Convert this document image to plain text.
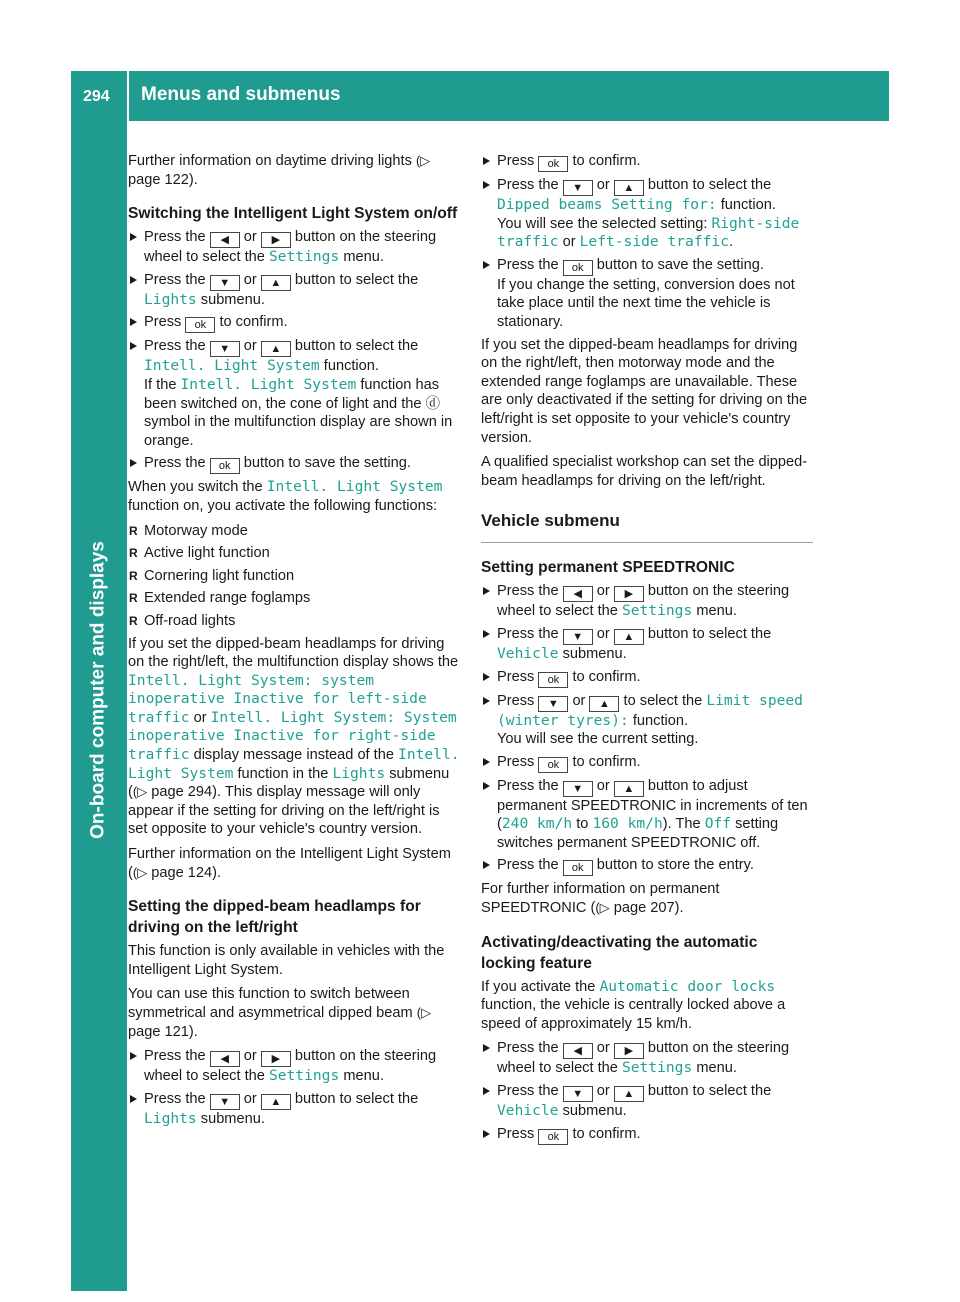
294 Menus and submenus
On-board computer and displays

Further information on daytime driving lights (▷ page 122).

Switching the Intelligent Light System on/off
Press the ◀ or ▶ button on the steering wheel to select the Settings menu.
Press the ▼ or ▲ button to select the Lights submenu.
Press ok to confirm.
Press the ▼ or ▲ button to select the Intell. Light System function.
If the Intell. Light System function has been switched on, the cone of light and the ⓓ symbol in the multifunction display are shown in orange.
Press the ok button to save the setting.

When you switch the Intell. Light System function on, you activate the following functions:

R Motorway mode
R Active light function
R Cornering light function
R Extended range foglamps
R Off-road lights

If you set the dipped-beam headlamps for driving on the right/left, the multifunction display shows the Intell. Light System: system inoperative Inactive for left-side traffic or Intell. Light System: System inoperative Inactive for right-side traffic display message instead of the Intell. Light System function in the Lights submenu ((▷ page 294). This display message will only appear if the setting for driving on the left/right is set opposite to your vehicle's country version.

Further information on the Intelligent Light System ((▷ page 124).

Setting the dipped-beam headlamps for driving on the left/right

This function is only available in vehicles with the Intelligent Light System.

You can use this function to switch between symmetrical and asymmetrical dipped beam (▷ page 121).

Press the ◀ or ▶ button on the steering wheel to select the Settings menu.
Press the ▼ or ▲ button to select the Lights submenu.
Press ok to confirm.
Press the ▼ or ▲ button to select the Dipped beams Setting for: function.
You will see the selected setting: Right-side traffic or Left-side traffic.
Press the ok button to save the setting.
If you change the setting, conversion does not take place until the next time the vehicle is stationary.

If you set the dipped-beam headlamps for driving on the right/left, then motorway mode and the extended range foglamps are unavailable. These are only deactivated if the setting for driving on the left/right is set opposite to your vehicle's country version.

A qualified specialist workshop can set the dipped-beam headlamps for driving on the left/right.

Vehicle submenu
Setting permanent SPEEDTRONIC
Press the ◀ or ▶ button on the steering wheel to select the Settings menu.
Press the ▼ or ▲ button to select the Vehicle submenu.
Press ok to confirm.
Press ▼ or ▲ to select the Limit speed (winter tyres): function.
You will see the current setting.
Press ok to confirm.
Press the ▼ or ▲ button to adjust permanent SPEEDTRONIC in increments of ten (240 km/h to 160 km/h). The Off setting switches permanent SPEEDTRONIC off.
Press the ok button to store the entry.

For further information on permanent SPEEDTRONIC ((▷ page 207).

Activating/deactivating the automatic locking feature

If you activate the Automatic door locks function, the vehicle is centrally locked above a speed of approximately 15 km/h.

Press the ◀ or ▶ button on the steering wheel to select the Settings menu.
Press the ▼ or ▲ button to select the Vehicle submenu.
Press ok to confirm.
